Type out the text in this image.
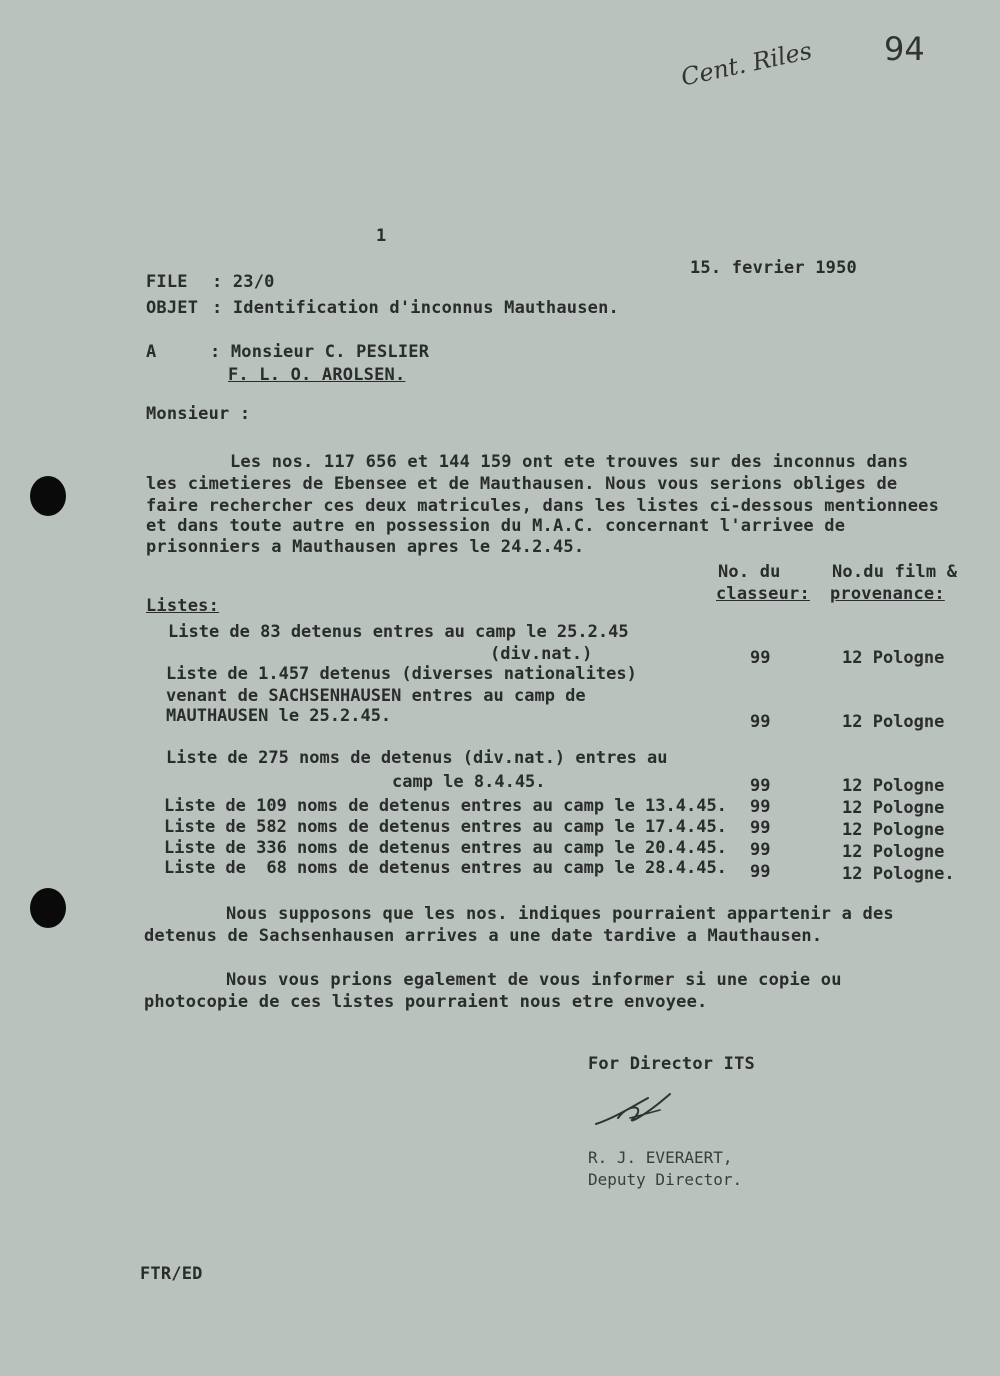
Cent. Riles 94
1
15. fevrier 1950
FILE : 23/0
OBJET : Identification d'inconnus Mauthausen.
A	: Monsieur C. PESLIER
F. L. O. AROLSEN.
Monsieur :
Les nos. 117 656 et 144 159 ont ete trouves sur des inconnus dans
les cimetieres de Ebensee et de Mauthausen. Nous vous serions obliges de
faire rechercher ces deux matricules, dans les listes ci-dessous mentionnees
et dans toute autre en possession du M.A.C. concernant l'arrivee de
prisonniers a Mauthausen apres le 24.2.45.
No. du
classeur:
No.du film &
provenance:
Listes:
Liste de 83 detenus entres au camp le 25.2.45
(div.nat.)	99	12 Pologne
Liste de 1.457 detenus (diverses nationalites)
venant de SACHSENHAUSEN entres au camp de
MAUTHAUSEN le 25.2.45.	99	12 Pologne
Liste de 275 noms de detenus (div.nat.) entres au
camp le 8.4.45.	99	12 Pologne
Liste de 109 noms de detenus entres au camp le 13.4.45. 99	12 Pologne
Liste de 582 noms de detenus entres au camp le 17.4.45. 99	12 Pologne
Liste de 336 noms de detenus entres au camp le 20.4.45. 99	12 Pologne
Liste de  68 noms de detenus entres au camp le 28.4.45. 99	12 Pologne.
Nous supposons que les nos. indiques pourraient appartenir a des
detenus de Sachsenhausen arrives a une date tardive a Mauthausen.
Nous vous prions egalement de vous informer si une copie ou
photocopie de ces listes pourraient nous etre envoyee.
For Director ITS
R. J. EVERAERT,
Deputy Director.
FTR/ED
